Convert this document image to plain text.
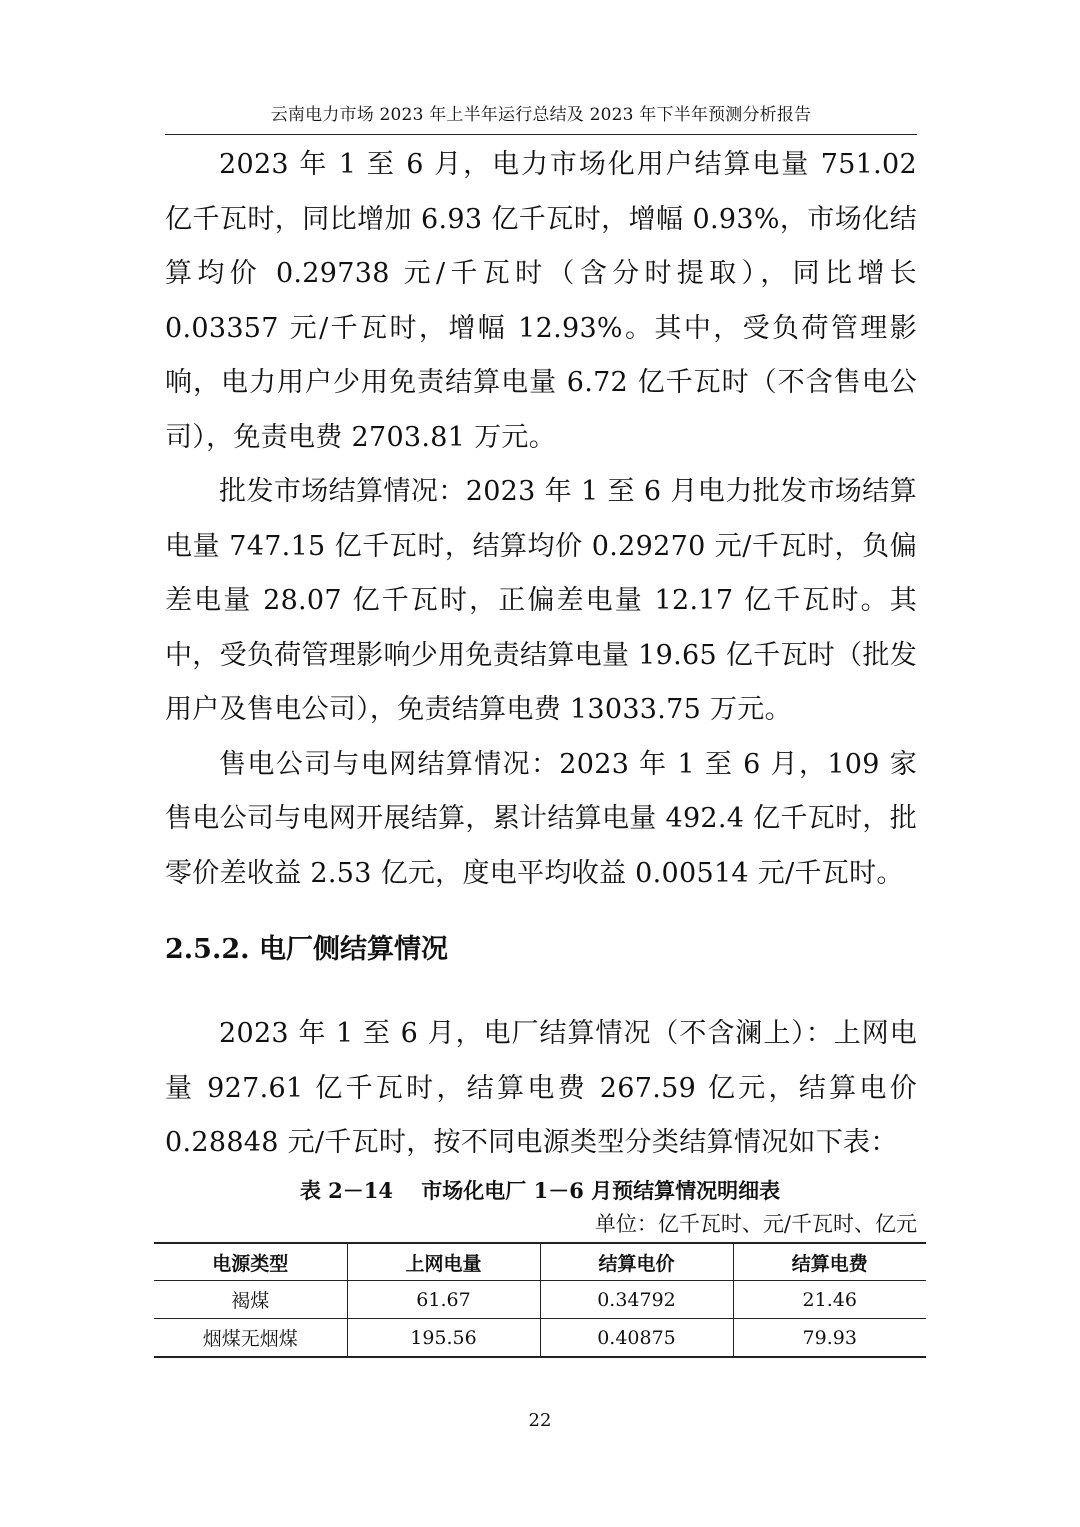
云南电力市场 2023 年上半年运行总结及 2023 年下半年预测分析报告

2023 年 1 至 6 月，电力市场化用户结算电量 751.02 亿千瓦时，同比增加 6.93 亿千瓦时，增幅 0.93%，市场化结算均价 0.29738 元/千瓦时（含分时提取），同比增长 0.03357 元/千瓦时，增幅 12.93%。其中，受负荷管理影响，电力用户少用免责结算电量 6.72 亿千瓦时（不含售电公司），免责电费 2703.81 万元。

批发市场结算情况：2023 年 1 至 6 月电力批发市场结算电量 747.15 亿千瓦时，结算均价 0.29270 元/千瓦时，负偏差电量 28.07 亿千瓦时，正偏差电量 12.17 亿千瓦时。其中，受负荷管理影响少用免责结算电量 19.65 亿千瓦时（批发用户及售电公司），免责结算电费 13033.75 万元。

售电公司与电网结算情况：2023 年 1 至 6 月，109 家售电公司与电网开展结算，累计结算电量 492.4 亿千瓦时，批零价差收益 2.53 亿元，度电平均收益 0.00514 元/千瓦时。

2.5.2. 电厂侧结算情况

2023 年 1 至 6 月，电厂结算情况（不含澜上）：上网电量 927.61 亿千瓦时，结算电费 267.59 亿元，结算电价 0.28848 元/千瓦时，按不同电源类型分类结算情况如下表：

表 2－14　 市场化电厂 1－6 月预结算情况明细表
单位：亿千瓦时、元/千瓦时、亿元
电源类型	上网电量	结算电价	结算电费
褐煤	61.67	0.34792	21.46
烟煤无烟煤	195.56	0.40875	79.93
22
